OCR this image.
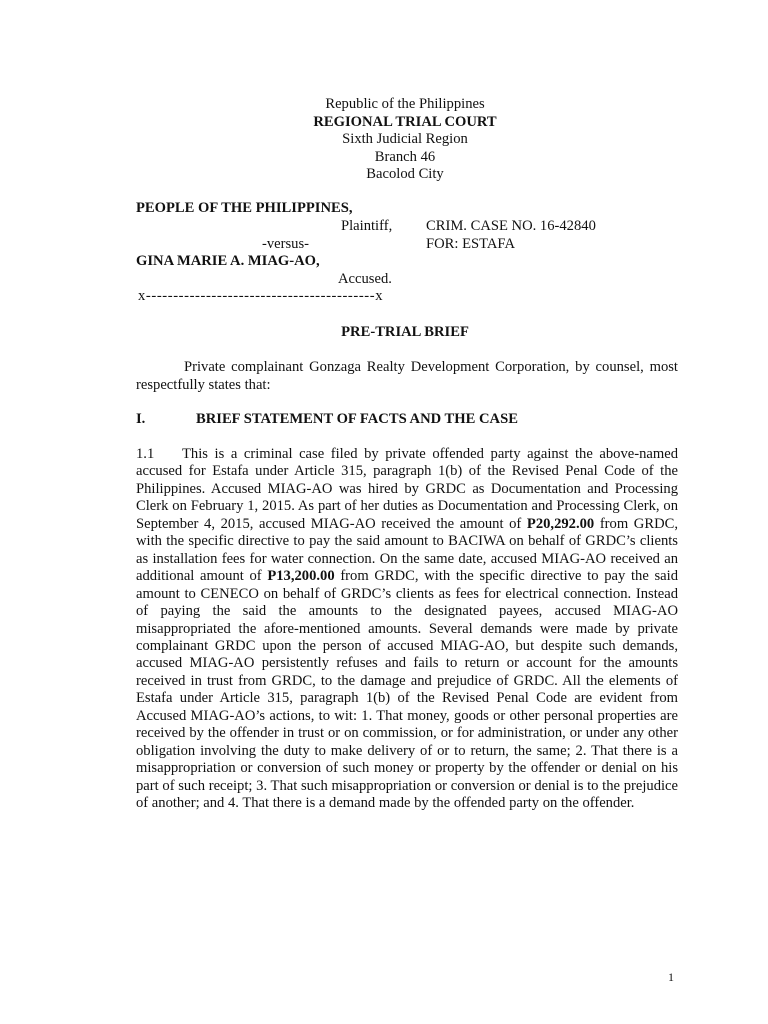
Republic of the Philippines
REGIONAL TRIAL COURT
Sixth Judicial Region
Branch 46
Bacolod City
PEOPLE OF THE PHILIPPINES,
Plaintiff, CRIM. CASE NO. 16-42840
-versus-	FOR: ESTAFA
GINA MARIE A. MIAG-AO,
Accused.
x------------------------------------------x
PRE-TRIAL BRIEF
Private complainant Gonzaga Realty Development Corporation, by counsel, most respectfully states that:
I.	BRIEF STATEMENT OF FACTS AND THE CASE
1.1 This is a criminal case filed by private offended party against the above-named accused for Estafa under Article 315, paragraph 1(b) of the Revised Penal Code of the Philippines. Accused MIAG-AO was hired by GRDC as Documentation and Processing Clerk on February 1, 2015. As part of her duties as Documentation and Processing Clerk, on September 4, 2015, accused MIAG-AO received the amount of P20,292.00 from GRDC, with the specific directive to pay the said amount to BACIWA on behalf of GRDC’s clients as installation fees for water connection. On the same date, accused MIAG-AO received an additional amount of P13,200.00 from GRDC, with the specific directive to pay the said amount to CENECO on behalf of GRDC’s clients as fees for electrical connection. Instead of paying the said the amounts to the designated payees, accused MIAG-AO misappropriated the afore-mentioned amounts. Several demands were made by private complainant GRDC upon the person of accused MIAG-AO, but despite such demands, accused MIAG-AO persistently refuses and fails to return or account for the amounts received in trust from GRDC, to the damage and prejudice of GRDC. All the elements of Estafa under Article 315, paragraph 1(b) of the Revised Penal Code are evident from Accused MIAG-AO’s actions, to wit: 1. That money, goods or other personal properties are received by the offender in trust or on commission, or for administration, or under any other obligation involving the duty to make delivery of or to return, the same; 2. That there is a misappropriation or conversion of such money or property by the offender or denial on his part of such receipt; 3. That such misappropriation or conversion or denial is to the prejudice of another; and 4. That there is a demand made by the offended party on the offender.
1
